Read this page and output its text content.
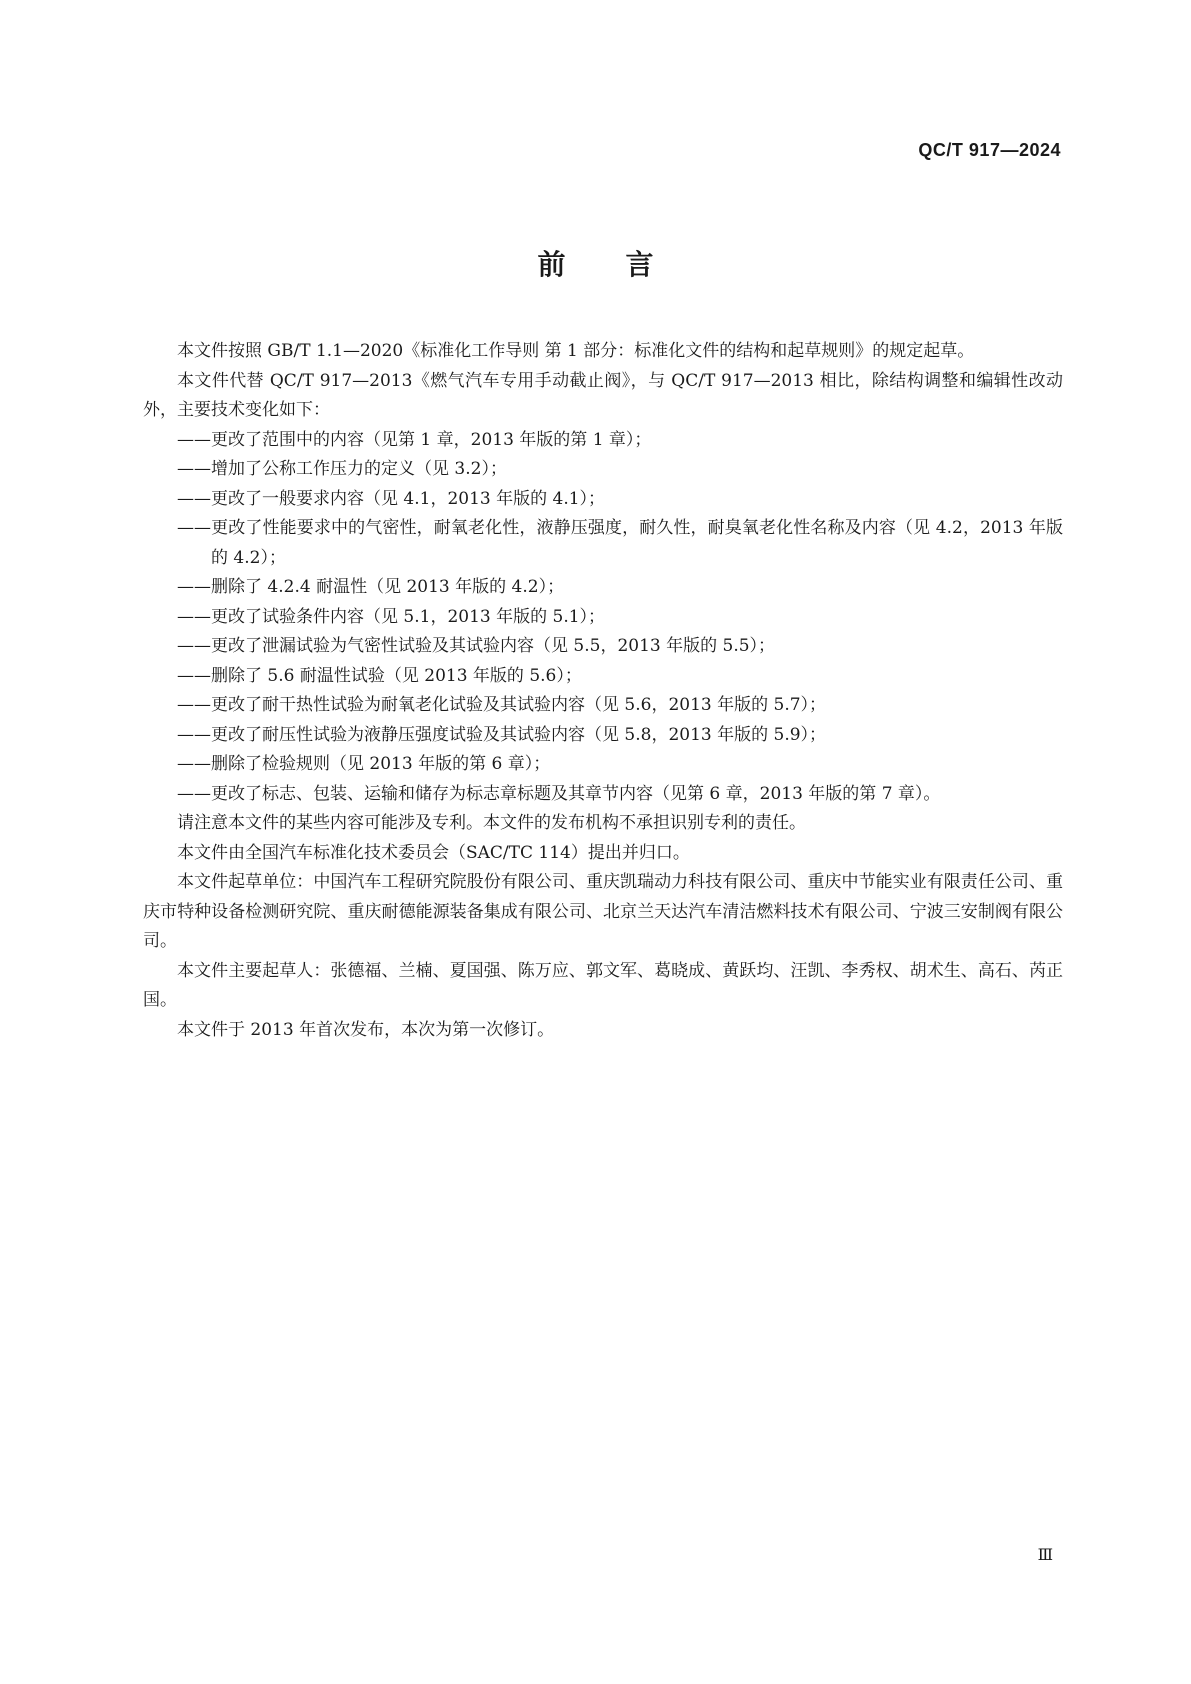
QC/T 917—2024
前言

本文件按照 GB/T 1.1—2020《标准化工作导则 第 1 部分：标准化文件的结构和起草规则》的规定起草。

本文件代替 QC/T 917—2013《燃气汽车专用手动截止阀》，与 QC/T 917—2013 相比，除结构调整和编辑性改动外，主要技术变化如下：

——更改了范围中的内容（见第 1 章，2013 年版的第 1 章）；

——增加了公称工作压力的定义（见 3.2）；

——更改了一般要求内容（见 4.1，2013 年版的 4.1）；

——更改了性能要求中的气密性，耐氧老化性，液静压强度，耐久性，耐臭氧老化性名称及内容（见 4.2，2013 年版的 4.2）；

——删除了 4.2.4 耐温性（见 2013 年版的 4.2）；

——更改了试验条件内容（见 5.1，2013 年版的 5.1）；

——更改了泄漏试验为气密性试验及其试验内容（见 5.5，2013 年版的 5.5）；

——删除了 5.6 耐温性试验（见 2013 年版的 5.6）；

——更改了耐干热性试验为耐氧老化试验及其试验内容（见 5.6，2013 年版的 5.7）；

——更改了耐压性试验为液静压强度试验及其试验内容（见 5.8，2013 年版的 5.9）；

——删除了检验规则（见 2013 年版的第 6 章）；

——更改了标志、包装、运输和储存为标志章标题及其章节内容（见第 6 章，2013 年版的第 7 章）。

请注意本文件的某些内容可能涉及专利。本文件的发布机构不承担识别专利的责任。

本文件由全国汽车标准化技术委员会（SAC/TC 114）提出并归口。

本文件起草单位：中国汽车工程研究院股份有限公司、重庆凯瑞动力科技有限公司、重庆中节能实业有限责任公司、重庆市特种设备检测研究院、重庆耐德能源装备集成有限公司、北京兰天达汽车清洁燃料技术有限公司、宁波三安制阀有限公司。

本文件主要起草人：张德福、兰楠、夏国强、陈万应、郭文军、葛晓成、黄跃均、汪凯、李秀权、胡术生、高石、芮正国。

本文件于 2013 年首次发布，本次为第一次修订。

Ⅲ
